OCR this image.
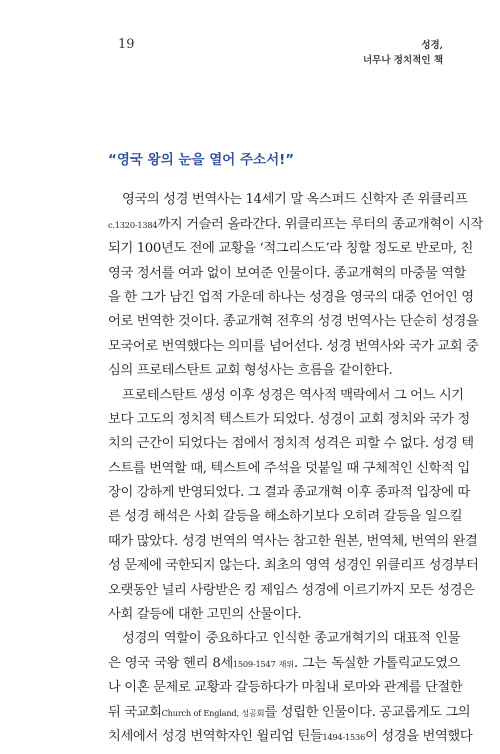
19	성경,
너무나 정치적인 책
“영국 왕의 눈을 열어 주소서!”
영국의 성경 번역사는 14세기 말 옥스퍼드 신학자 존 위클리프
c.1320-1384까지 거슬러 올라간다. 위클리프는 루터의 종교개혁이 시작
되기 100년도 전에 교황을 ‘적그리스도’라 칭할 정도로 반로마, 친
영국 정서를 여과 없이 보여준 인물이다. 종교개혁의 마중물 역할
을 한 그가 남긴 업적 가운데 하나는 성경을 영국의 대중 언어인 영
어로 번역한 것이다. 종교개혁 전후의 성경 번역사는 단순히 성경을
모국어로 번역했다는 의미를 넘어선다. 성경 번역사와 국가 교회 중
심의 프로테스탄트 교회 형성사는 흐름을 같이한다.
프로테스탄트 생성 이후 성경은 역사적 맥락에서 그 어느 시기
보다 고도의 정치적 텍스트가 되었다. 성경이 교회 정치와 국가 정
치의 근간이 되었다는 점에서 정치적 성격은 피할 수 없다. 성경 텍
스트를 번역할 때, 텍스트에 주석을 덧붙일 때 구체적인 신학적 입
장이 강하게 반영되었다. 그 결과 종교개혁 이후 종파적 입장에 따
른 성경 해석은 사회 갈등을 해소하기보다 오히려 갈등을 일으킬
때가 많았다. 성경 번역의 역사는 참고한 원본, 번역체, 번역의 완결
성 문제에 국한되지 않는다. 최초의 영역 성경인 위클리프 성경부터
오랫동안 널리 사랑받은 킹 제임스 성경에 이르기까지 모든 성경은
사회 갈등에 대한 고민의 산물이다.
성경의 역할이 중요하다고 인식한 종교개혁기의 대표적 인물
은 영국 국왕 헨리 8세1509-1547 재위. 그는 독실한 가톨릭교도였으
나 이혼 문제로 교황과 갈등하다가 마침내 로마와 관계를 단절한
뒤 국교회Church of England, 성공회를 성립한 인물이다. 공교롭게도 그의
치세에서 성경 번역학자인 윌리엄 틴들1494-1536이 성경을 번역했다
